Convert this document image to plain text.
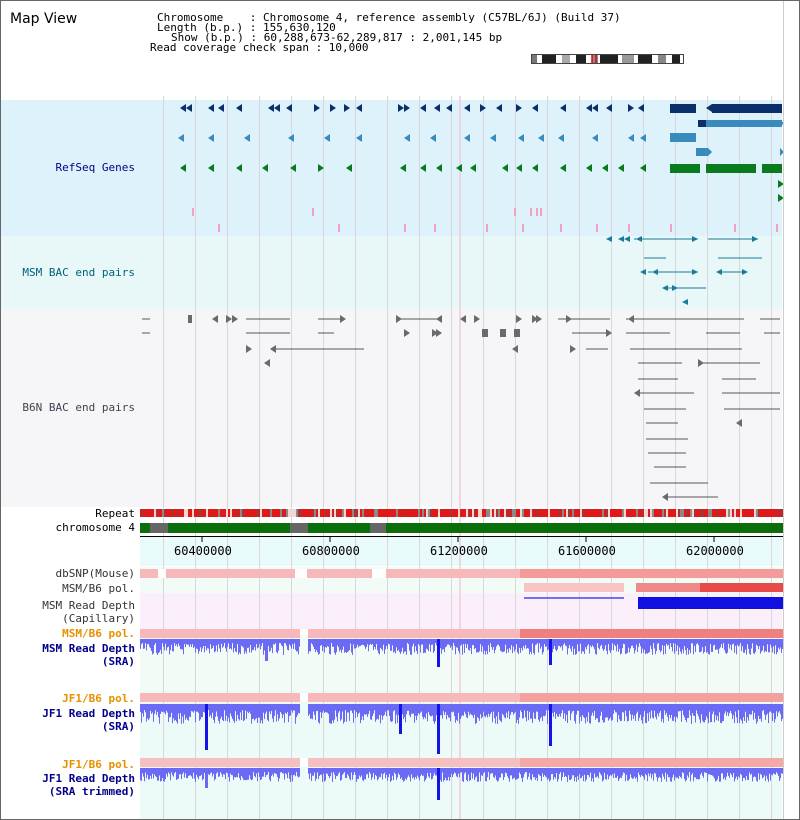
Map View	Chromosome    : Chromosome 4, reference assembly (C57BL/6J) (Build 37)
Length (b.p.) : 155,630,120
Show (b.p.) : 60,288,673-62,289,817 : 2,001,145 bp
Read coverage check span : 10,000
RefSeq Genes
MSM BAC end pairs
B6N BAC end pairs
Repeat
chromosome 4
dbSNP(Mouse)
MSM/B6 pol.
MSM Read Depth
(Capillary)
MSM/B6 pol.
MSM Read Depth
(SRA)
JF1/B6 pol.
JF1 Read Depth
(SRA)
JF1/B6 pol.
JF1 Read Depth
(SRA trimmed)
60400000	60800000	61200000	61600000	62000000
